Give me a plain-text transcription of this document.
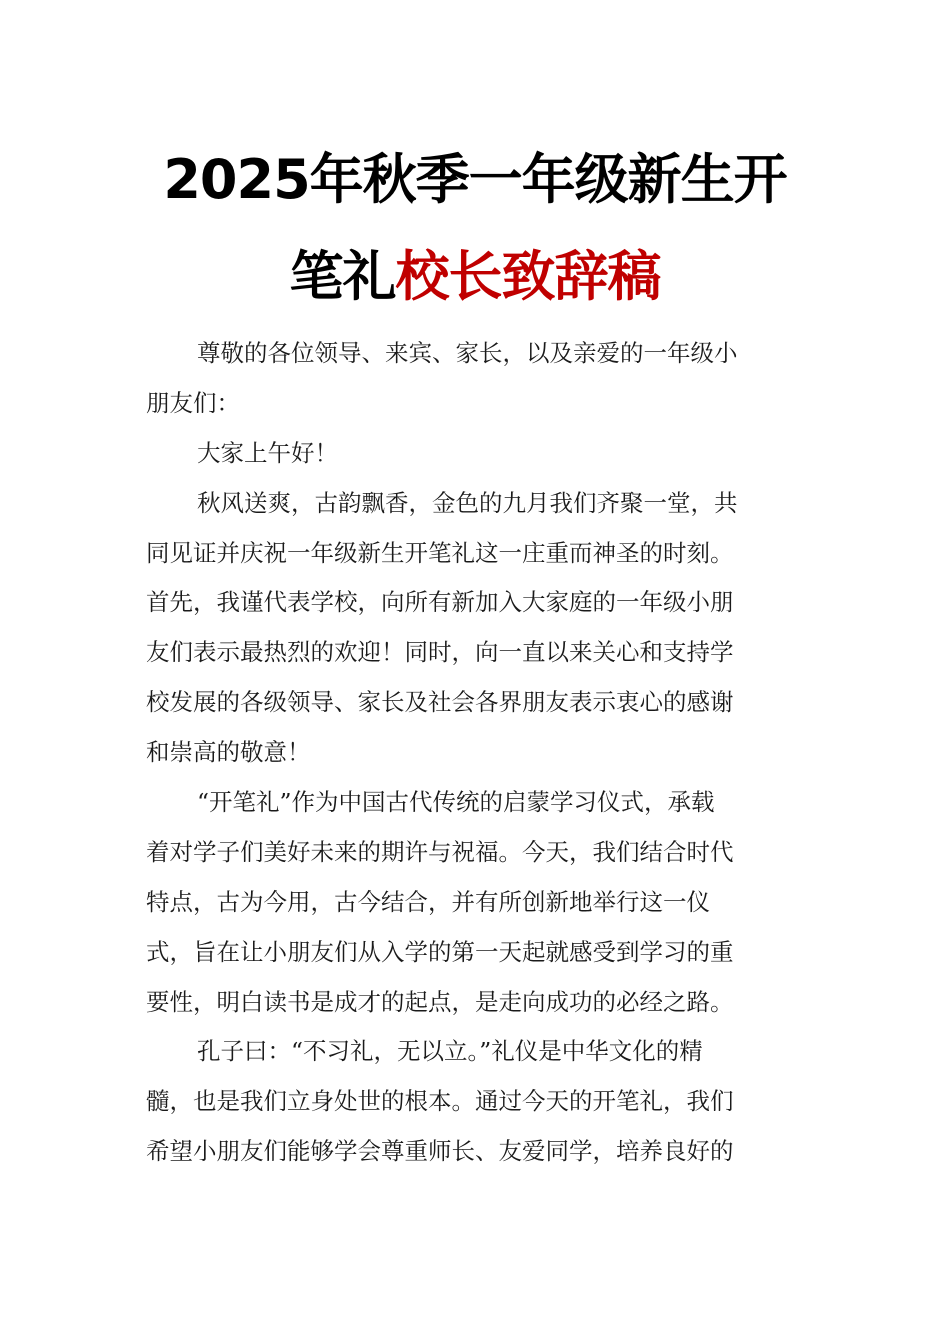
2025年秋季一年级新生开
笔礼校长致辞稿
尊敬的各位领导、来宾、家长，以及亲爱的一年级小
朋友们：
大家上午好！
秋风送爽，古韵飘香，金色的九月我们齐聚一堂，共
同见证并庆祝一年级新生开笔礼这一庄重而神圣的时刻。
首先，我谨代表学校，向所有新加入大家庭的一年级小朋
友们表示最热烈的欢迎！同时，向一直以来关心和支持学
校发展的各级领导、家长及社会各界朋友表示衷心的感谢
和崇高的敬意！
“开笔礼”作为中国古代传统的启蒙学习仪式，承载
着对学子们美好未来的期许与祝福。今天，我们结合时代
特点，古为今用，古今结合，并有所创新地举行这一仪
式，旨在让小朋友们从入学的第一天起就感受到学习的重
要性，明白读书是成才的起点，是走向成功的必经之路。
孔子曰：“不习礼，无以立。”礼仪是中华文化的精
髓，也是我们立身处世的根本。通过今天的开笔礼，我们
希望小朋友们能够学会尊重师长、友爱同学，培养良好的
